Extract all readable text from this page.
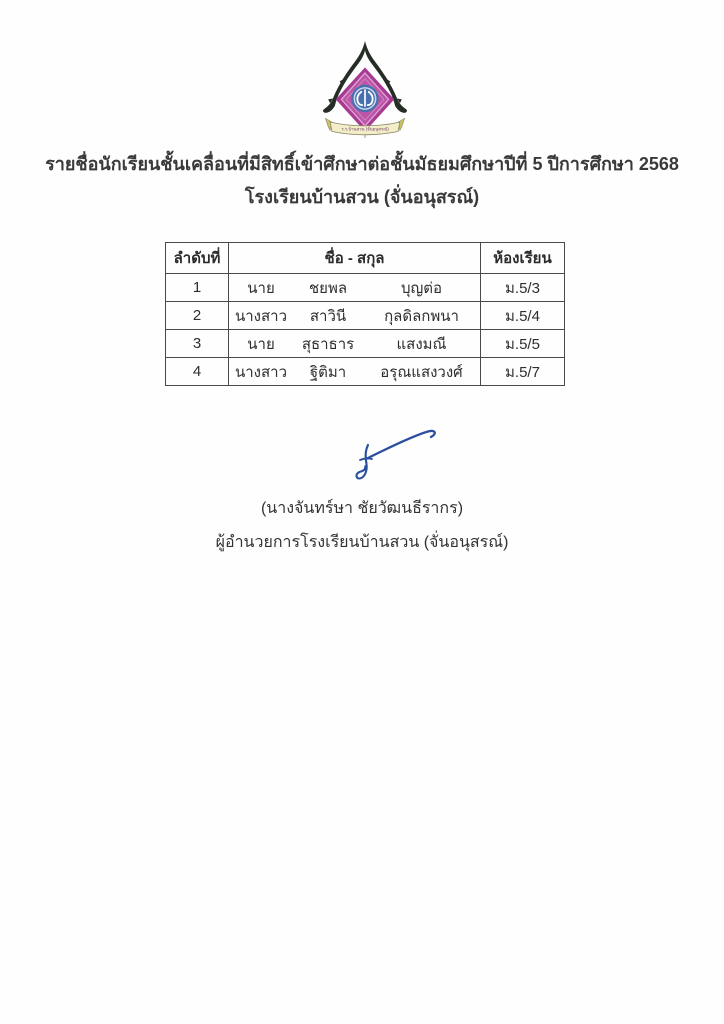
ร.ร.บ้านสวน (จั่นอนุสรณ์)
รายชื่อนักเรียนชั้นเคลื่อนที่มีสิทธิ์เข้าศึกษาต่อชั้นมัธยมศึกษาปีที่ 5 ปีการศึกษา 2568
โรงเรียนบ้านสวน (จั่นอนุสรณ์)
ลำดับที่	ชื่อ - สกุล	ห้องเรียน
1	นาย ชยพล บุญต่อ	ม.5/3
2	นางสาว สาวินี กุลดิลกพนา	ม.5/4
3	นาย สุธาธาร แสงมณี	ม.5/5
4	นางสาว ฐิติมา อรุณแสงวงศ์	ม.5/7
(นางจันทร์ษา ชัยวัฒนธีรากร)
ผู้อำนวยการโรงเรียนบ้านสวน (จั่นอนุสรณ์)
